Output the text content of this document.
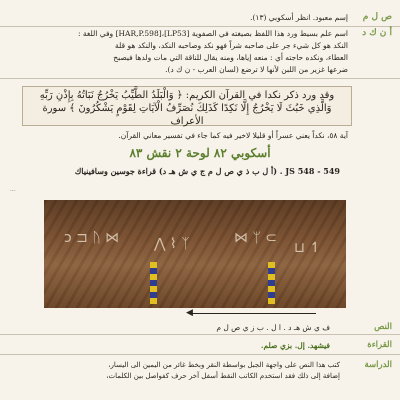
ص ل م
إسم معبود. انظر أسكوبي (١٣).
أ ن ك د
اسم علم بسيط ورد هذا اللفظ بصيغته في الصفوية [LP53]،[HAR,P.598] وفي اللغة :
النكد هو كل شيء جر على صاحبه شراً فهو نكد وصاحبه النكد، والنكد هو قلة
العطاء، ونكده حاجته أي : منعه إياها، ومنه يقال للناقة التي مات ولدها فيصبح
ضرعها غزير من اللبن لأنها لا ترضع (لسان العرب - ن ك د).
وقد ورد ذكر نكدا في القرآن الكريم: ﴿ وَالْبَلَدُ الطَّيِّبُ يَخْرُجُ نَبَاتُهُ بِإِذْنِ رَبِّهِ وَالَّذِي خَبُثَ لَا يَخْرُجُ إِلَّا نَكِدًا كَذَلِكَ نُصَرِّفُ الْآيَاتِ لِقَوْمٍ يَشْكُرُونَ ﴾ سورة الأعراف
آية ٥٨، نكداً يعني عسراً أو قليلا لاخير فيه كما جاء في تفسير معاني القرآن.
أسكوبي ٨٢ لوحة ٢ نقش ٨٣
549 - JS 548 . (أ ل ب ذ ي ص ل م ج ي ش هـ د) قراءة جوسين وسافينياك
...
⋈ ↄ ⊐ ᚢ ᛉ ⌇ ⋀	⊃ ᛘ ⋈
↿ ⊔
◀
النص
ف ي ش هـ د . ا ل . ب ز ي ص ل م
القراءة
فيشهد. إل. بزي صلم.
الدراسة
كتب هذا النص على واجهة الجبل بواسطة النقر وبخط غائر من اليمين الى اليسار،
إضافة إلى ذلك فقد استخدم الكاتب النقط أسفل آخر حرف كفواصل بين الكلمات،
